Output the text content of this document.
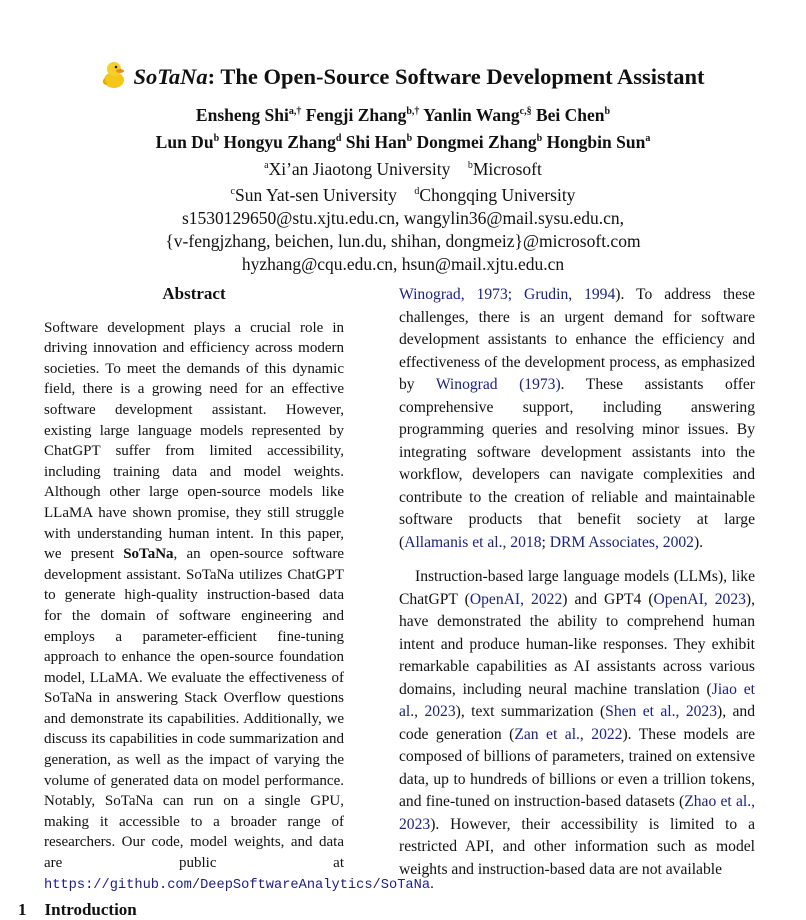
SoTaNa: The Open-Source Software Development Assistant
Ensheng Shi$^{a,\dagger}$ Fengji Zhang$^{b,\dagger}$ Yanlin Wang$^{c,\S}$ Bei Chen$^b$
Lun Du$^b$ Hongyu Zhang$^d$ Shi Han$^b$ Dongmei Zhang$^b$ Hongbin Sun$^a$
$^a$Xi’an Jiaotong University $^b$Microsoft
$^c$Sun Yat-sen University $^d$Chongqing University
s1530129650@stu.xjtu.edu.cn, wangylin36@mail.sysu.edu.cn,
{v-fengjzhang, beichen, lun.du, shihan, dongmeiz}@microsoft.com
hyzhang@cqu.edu.cn, hsun@mail.xjtu.edu.cn
Abstract

Software development plays a crucial role in driving innovation and efficiency across modern societies. To meet the demands of this dynamic field, there is a growing need for an effective software development assistant. However, existing large language models represented by ChatGPT suffer from limited accessibility, including training data and model weights. Although other large open-source models like LLaMA have shown promise, they still struggle with understanding human intent. In this paper, we present SoTaNa, an open-source software development assistant. SoTaNa utilizes ChatGPT to generate high-quality instruction-based data for the domain of software engineering and employs a parameter-efficient fine-tuning approach to enhance the open-source foundation model, LLaMA. We evaluate the effectiveness of SoTaNa in answering Stack Overflow questions and demonstrate its capabilities. Additionally, we discuss its capabilities in code summarization and generation, as well as the impact of varying the volume of generated data on model performance. Notably, SoTaNa can run on a single GPU, making it accessible to a broader range of researchers. Our code, model weights, and data are public at https://github.com/DeepSoftwareAnalytics/SoTaNa.

Winograd, 1973; Grudin, 1994). To address these challenges, there is an urgent demand for software development assistants to enhance the efficiency and effectiveness of the development process, as emphasized by Winograd (1973). These assistants offer comprehensive support, including answering programming queries and resolving minor issues. By integrating software development assistants into the workflow, developers can navigate complexities and contribute to the creation of reliable and maintainable software products that benefit society at large (Allamanis et al., 2018; DRM Associates, 2002).

Instruction-based large language models (LLMs), like ChatGPT (OpenAI, 2022) and GPT4 (OpenAI, 2023), have demonstrated the ability to comprehend human intent and produce human-like responses. They exhibit remarkable capabilities as AI assistants across various domains, including neural machine translation (Jiao et al., 2023), text summarization (Shen et al., 2023), and code generation (Zan et al., 2022). These models are composed of billions of parameters, trained on extensive data, up to hundreds of billions or even a trillion tokens, and fine-tuned on instruction-based datasets (Zhao et al., 2023). However, their accessibility is limited to a restricted API, and other information such as model weights and instruction-based data are not available

1 Introduction
